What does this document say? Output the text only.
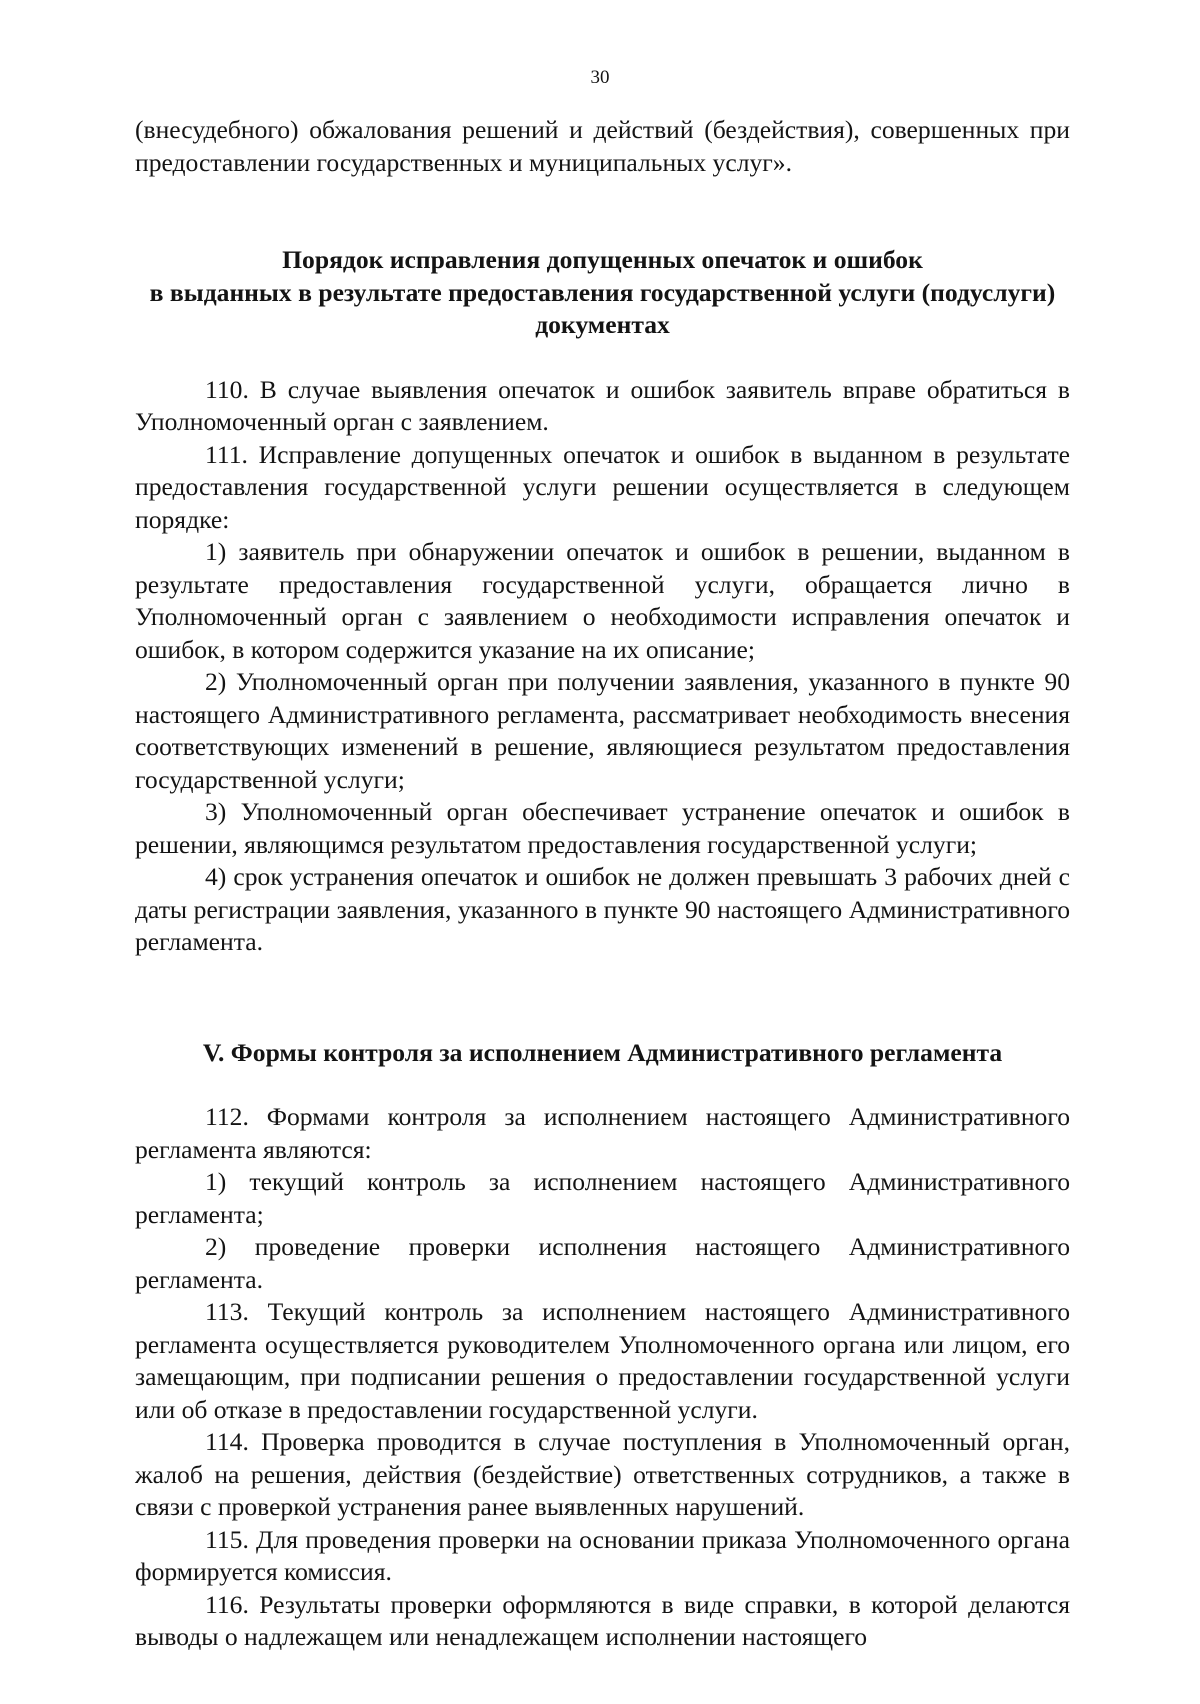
30

(внесудебного) обжалования решений и действий (бездействия), совершенных при предоставлении государственных и муниципальных услуг».

Порядок исправления допущенных опечаток и ошибок
в выданных в результате предоставления государственной услуги (подуслуги)
документах

110. В случае выявления опечаток и ошибок заявитель вправе обратиться в Уполномоченный орган с заявлением.

111. Исправление допущенных опечаток и ошибок в выданном в результате предоставления государственной услуги решении осуществляется в следующем порядке:

1) заявитель при обнаружении опечаток и ошибок в решении, выданном в результате предоставления государственной услуги, обращается лично в Уполномоченный орган с заявлением о необходимости исправления опечаток и ошибок, в котором содержится указание на их описание;

2) Уполномоченный орган при получении заявления, указанного в пункте 90 настоящего Административного регламента, рассматривает необходимость внесения соответствующих изменений в решение, являющиеся результатом предоставления государственной услуги;

3) Уполномоченный орган обеспечивает устранение опечаток и ошибок в решении, являющимся результатом предоставления государственной услуги;

4) срок устранения опечаток и ошибок не должен превышать 3 рабочих дней с даты регистрации заявления, указанного в пункте 90 настоящего Административного регламента.

V. Формы контроля за исполнением Административного регламента

112. Формами контроля за исполнением настоящего Административного регламента являются:

1) текущий контроль за исполнением настоящего Административного регламента;

2) проведение проверки исполнения настоящего Административного регламента.

113. Текущий контроль за исполнением настоящего Административного регламента осуществляется руководителем Уполномоченного органа или лицом, его замещающим, при подписании решения о предоставлении государственной услуги или об отказе в предоставлении государственной услуги.

114. Проверка проводится в случае поступления в Уполномоченный орган, жалоб на решения, действия (бездействие) ответственных сотрудников, а также в связи с проверкой устранения ранее выявленных нарушений.

115. Для проведения проверки на основании приказа Уполномоченного органа формируется комиссия.

116. Результаты проверки оформляются в виде справки, в которой делаются выводы о надлежащем или ненадлежащем исполнении настоящего
